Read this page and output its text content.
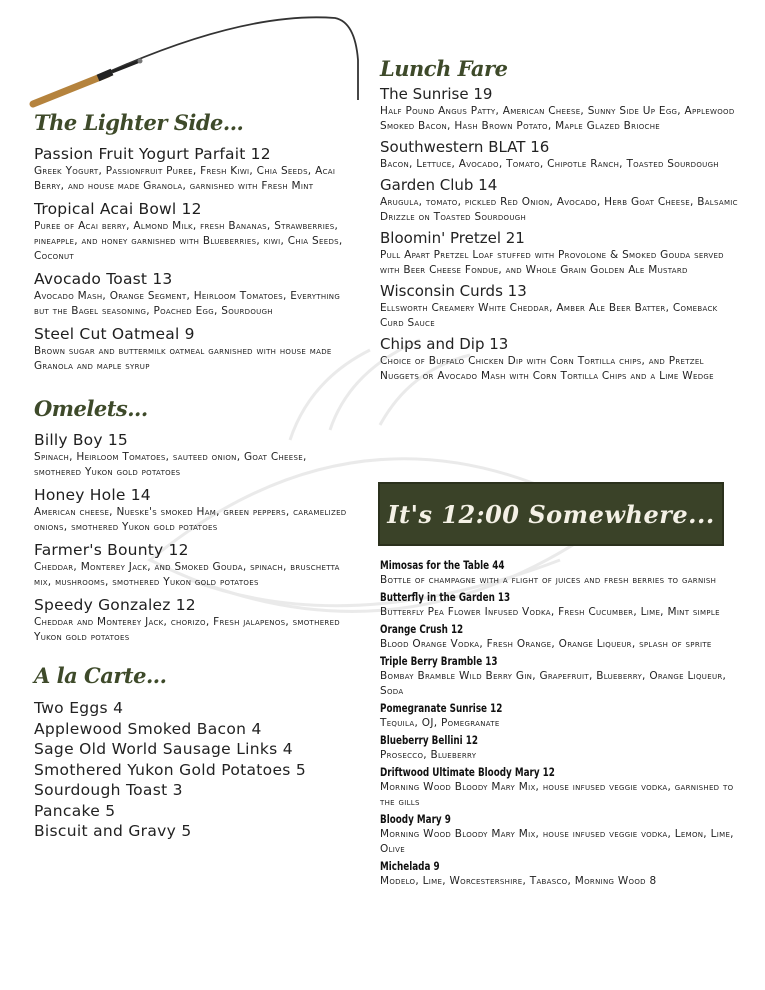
The Lighter Side...
Passion Fruit Yogurt Parfait 12
Greek Yogurt, Passionfruit Puree, Fresh Kiwi, Chia Seeds, Acai Berry, and house made Granola, garnished with Fresh Mint
Tropical Acai Bowl 12
Puree of Acai berry, Almond Milk, fresh Bananas, Strawberries, pineapple, and honey garnished with Blueberries, kiwi, Chia Seeds, Coconut
Avocado Toast 13
Avocado Mash, Orange Segment, Heirloom Tomatoes, Everything but the Bagel seasoning, Poached Egg, Sourdough
Steel Cut Oatmeal 9
Brown sugar and buttermilk oatmeal garnished with house made Granola and maple syrup
Omelets...
Billy Boy 15
Spinach, Heirloom Tomatoes, sauteed onion, Goat Cheese, smothered Yukon gold potatoes
Honey Hole 14
American cheese, Nueske's smoked Ham, green peppers, caramelized onions, smothered Yukon gold potatoes
Farmer's Bounty 12
Cheddar, Monterey Jack, and Smoked Gouda, spinach, bruschetta mix, mushrooms, smothered Yukon gold potatoes
Speedy Gonzalez 12
Cheddar and Monterey Jack, chorizo, Fresh jalapenos, smothered Yukon gold potatoes
A la Carte...
Two Eggs 4
Applewood Smoked Bacon 4
Sage Old World Sausage Links 4
Smothered Yukon Gold Potatoes 5
Sourdough Toast 3
Pancake 5
Biscuit and Gravy 5
Lunch Fare
The Sunrise 19
Half Pound Angus Patty, American Cheese, Sunny Side Up Egg, Applewood Smoked Bacon, Hash Brown Potato, Maple Glazed Brioche
Southwestern BLAT 16
Bacon, Lettuce, Avocado, Tomato, Chipotle Ranch, Toasted Sourdough
Garden Club 14
Arugula, tomato, pickled Red Onion, Avocado, Herb Goat Cheese, Balsamic Drizzle on Toasted Sourdough
Bloomin' Pretzel 21
Pull Apart Pretzel Loaf stuffed with Provolone & Smoked Gouda served with Beer Cheese Fondue, and Whole Grain Golden Ale Mustard
Wisconsin Curds 13
Ellsworth Creamery White Cheddar, Amber Ale Beer Batter, Comeback Curd Sauce
Chips and Dip 13
Choice of Buffalo Chicken Dip with Corn Tortilla chips, and Pretzel Nuggets or Avocado Mash with Corn Tortilla Chips and a Lime Wedge
It's 12:00 Somewhere...
Mimosas for the Table 44
Bottle of champagne with a flight of juices and fresh berries to garnish
Butterfly in the Garden 13
Butterfly Pea Flower Infused Vodka, Fresh Cucumber, Lime, Mint simple
Orange Crush 12
Blood Orange Vodka, Fresh Orange, Orange Liqueur, splash of sprite
Triple Berry Bramble 13
Bombay Bramble Wild Berry Gin, Grapefruit, Blueberry, Orange Liqueur, Soda
Pomegranate Sunrise 12
Tequila, OJ, Pomegranate
Blueberry Bellini 12
Prosecco, Blueberry
Driftwood Ultimate Bloody Mary 12
Morning Wood Bloody Mary Mix, house infused veggie vodka, garnished to the gills
Bloody Mary 9
Morning Wood Bloody Mary Mix, house infused veggie vodka, Lemon, Lime, Olive
Michelada 9
Modelo, Lime, Worcestershire, Tabasco, Morning Wood 8
